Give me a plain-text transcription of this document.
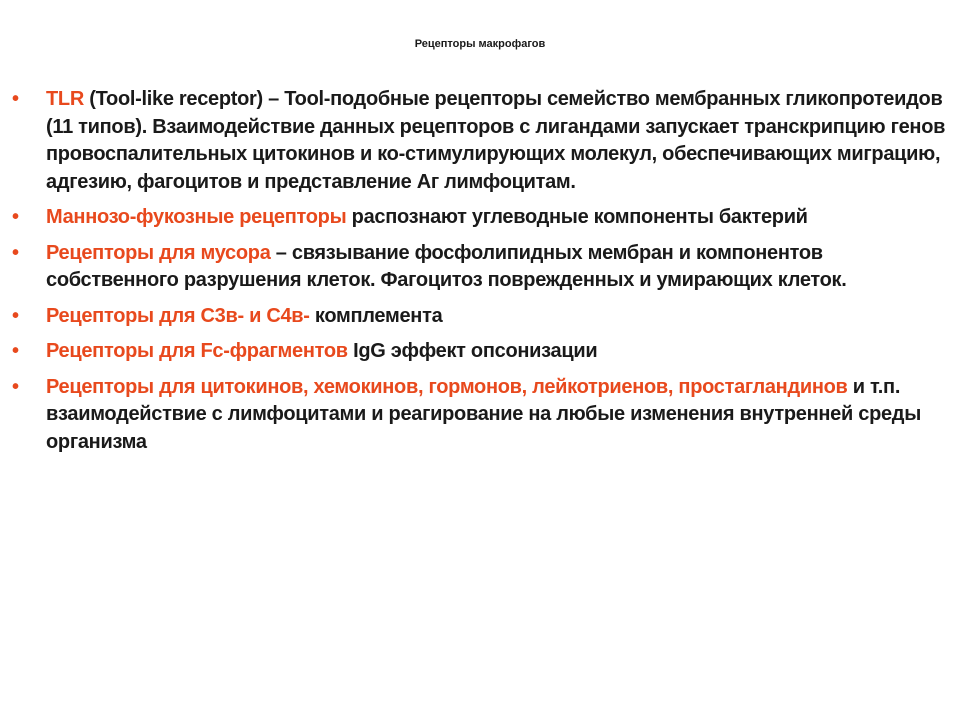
Рецепторы макрофагов
•	TLR (Tool-like receptor) – Tool-подобные рецепторы семейство мембранных гликопротеидов (11 типов). Взаимодействие данных рецепторов с лигандами запускает транскрипцию генов провоспалительных цитокинов и ко-стимулирующих молекул, обеспечивающих миграцию, адгезию, фагоцитов и представление Аг лимфоцитам.
•	Маннозо-фукозные рецепторы распознают углеводные компоненты бактерий
•	Рецепторы для мусора – связывание фосфолипидных мембран и компонентов собственного разрушения клеток. Фагоцитоз поврежденных и умирающих клеток.
•	Рецепторы для С3в- и С4в- комплемента
•	Рецепторы для Fc-фрагментов IgG эффект опсонизации
•	Рецепторы для цитокинов, хемокинов, гормонов, лейкотриенов, простагландинов и т.п. взаимодействие с лимфоцитами и реагирование на любые изменения внутренней среды организма
